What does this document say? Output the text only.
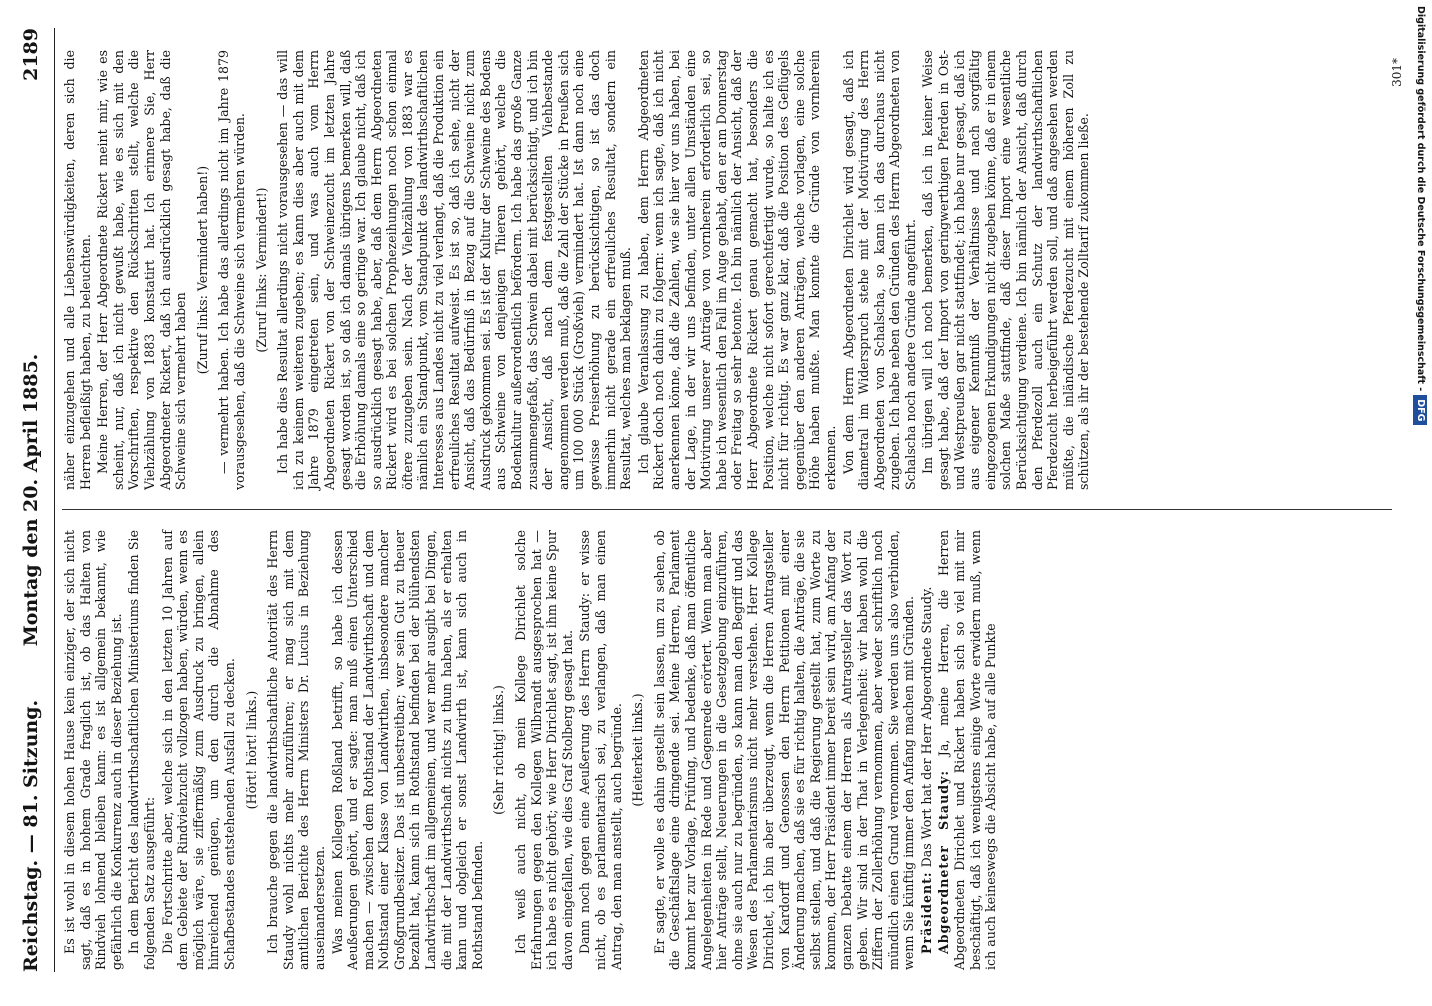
Reichstag. — 81. Sitzung.
Montag den 20. April 1885.
2189

Es ist wohl in diesem hohen Hause kein einziger, der sich nicht sagt, daß es in hohem Grade fraglich ist, ob das Halten von Rindvieh lohnend bleiben kann: es ist allgemein bekannt, wie gefährlich die Konkurrenz auch in dieser Beziehung ist. In dem Bericht des landwirthschaftlichen Ministeriums finden Sie folgenden Satz ausgeführt: Die Fortschritte aber, welche sich in den letzten 10 Jahren auf dem Gebiete der Rindviehzucht vollzogen haben, würden, wenn es möglich wäre, sie ziffermäßig zum Ausdruck zu bringen, allein hinreichend genügen, um den durch die Abnahme des Schafbestandes entstehenden Ausfall zu decken. (Hört! hört! links.) Ich brauche gegen die landwirthschaftliche Autorität des Herrn Staudy wohl nichts mehr anzuführen; er mag sich mit dem amtlichen Berichte des Herrn Ministers Dr. Lucius in Beziehung auseinandersetzen. Was meinen Kollegen Roßland betrifft, so habe ich dessen Aeußerungen gehört, und er sagte: man muß einen Unterschied machen — zwischen dem Rothstand der Landwirthschaft und dem Nothstand einer Klasse von Landwirthen, insbesondere mancher Großgrundbesitzer. Das ist unbestreitbar; wer sein Gut zu theuer bezahlt hat, kann sich in Rothstand befinden bei der blühendsten Landwirthschaft im allgemeinen, und wer mehr ausgibt bei Dingen, die mit der Landwirthschaft nichts zu thun haben, als er erhalten kann und obgleich er sonst Landwirth ist, kann sich auch in Rothstand befinden.

(Sehr richtig! links.) Ich weiß auch nicht, ob mein Kollege Dirichlet solche Erfahrungen gegen den Kollegen Wilbrandt ausgesprochen hat — ich habe es nicht gehört; wie Herr Dirichlet sagt, ist ihm keine Spur davon eingefallen, wie dies Graf Stolberg gesagt hat. Dann noch gegen eine Aeußerung des Herrn Staudy: er wisse nicht, ob es parlamentarisch sei, zu verlangen, daß man einen Antrag, den man anstellt, auch begründe. (Heiterkeit links.) Er sagte, er wolle es dahin gestellt sein lassen, um zu sehen, ob die Geschäftslage eine dringende sei. Meine Herren, Parlament kommt her zur Vorlage, Prüfung, und bedenke, daß man öffentliche Angelegenheiten in Rede und Gegenrede erörtert. Wenn man aber hier Anträge stellt, Neuerungen in die Gesetzgebung einzuführen, ohne sie auch nur zu begründen, so kann man den Begriff und das Wesen des Parlamentarismus nicht mehr verstehen. Herr Kollege Dirichlet, ich bin aber überzeugt, wenn die Herren Antragsteller von Kardorff und Genossen den Herrn Petitionen mit einer Änderung machen, daß sie es für richtig halten, die Anträge, die sie selbst stellen, und daß die Regierung gestellt hat, zum Worte zu kommen, der Herr Präsident immer bereit sein wird, am Anfang der ganzen Debatte einem der Herren als Antragsteller das Wort zu geben. Wir sind in der That in Verlegenheit: wir haben wohl die Ziffern der Zollerhöhung vernommen, aber weder schriftlich noch mündlich einen Grund vernommen. Sie werden uns also verbinden, wenn Sie künftig immer den Anfang machen mit Gründen. Präsident: Das Wort hat der Herr Abgeordnete Staudy. Abgeordneter Staudy: Ja, meine Herren, die Herren Abgeordneten Dirichlet und Rickert haben sich so viel mit mir beschäftigt, daß ich wenigstens einige Worte erwidern muß, wenn ich auch keineswegs die Absicht habe, auf alle Punkte

näher einzugehen und alle Liebenswürdigkeiten, deren sich die Herren befleißigt haben, zu beleuchten. Meine Herren, der Herr Abgeordnete Rickert meint mir, wie es scheint, nur, daß ich nicht gewußt habe, wie es sich mit den Vorschriften, respektive den Rückschritten stellt, welche die Viehzählung von 1883 konstatirt hat. Ich erinnere Sie, Herr Abgeordneter Rickert, daß ich ausdrücklich gesagt habe, daß die Schweine sich vermehrt haben

(Zuruf links: Vermindert haben!) — vermehrt haben. Ich habe das allerdings nicht im Jahre 1879 vorausgesehen, daß die Schweine sich vermehren würden. (Zuruf links: Vermindert!) Ich habe dies Resultat allerdings nicht vorausgesehen — das will ich zu keinem weiteren zugeben; es kann dies aber auch mit dem Jahre 1879 eingetreten sein, und was auch vom Herrn Abgeordneten Rickert von der Schweinezucht im letzten Jahre gesagt worden ist, so daß ich damals übrigens bemerken will, daß die Erhöhung damals eine so geringe war. Ich glaube nicht, daß ich so ausdrücklich gesagt habe, aber, daß dem Herrn Abgeordneten Rickert wird es bei solchen Prophezeihungen noch schon einmal öftere zuzugeben sein. Nach der Viehzählung von 1883 war es nämlich ein Standpunkt, vom Standpunkt des landwirthschaftlichen Interesses aus Landes nicht zu viel verlangt, daß die Produktion ein erfreuliches Resultat aufweist. Es ist so, daß ich sehe, nicht der Ansicht, daß das Bedürfniß in Bezug auf die Schweine nicht zum Ausdruck gekommen sei. Es ist der Kultur der Schweine des Bodens aus Schweine von denjenigen Thieren gehört, welche die Bodenkultur außerordentlich befördern. Ich habe das große Ganze zusammengefaßt, das Schwein dabei mit berücksichtigt, und ich bin der Ansicht, daß nach dem festgestellten Viehbestande angenommen werden muß, daß die Zahl der Stücke in Preußen sich um 100 000 Stück (Großvieh) vermindert hat. Ist dann noch eine gewisse Preiserhöhung zu berücksichtigen, so ist das doch immerhin nicht gerade ein erfreuliches Resultat, sondern ein Resultat, welches man beklagen muß. Ich glaube Veranlassung zu haben, dem Herrn Abgeordneten Rickert doch noch dahin zu folgern: wenn ich sagte, daß ich nicht anerkennen könne, daß die Zahlen, wie sie hier vor uns haben, bei der Lage, in der wir uns befinden, unter allen Umständen eine Motivirung unserer Anträge von vornherein erforderlich sei, so habe ich wesentlich den Fall im Auge gehabt, den er am Donnerstag oder Freitag so sehr betonte. Ich bin nämlich der Ansicht, daß der Herr Abgeordnete Rickert genau gemacht hat, besonders die Position, welche nicht sofort gerechtfertigt wurde, so halte ich es nicht für richtig. Es war ganz klar, daß die Position des Geflügels gegenüber den anderen Anträgen, welche vorlagen, eine solche Höhe haben mußte. Man konnte die Gründe von vornherein erkennen. Von dem Herrn Abgeordneten Dirichlet wird gesagt, daß ich diametral im Widerspruch stehe mit der Motivirung des Herrn Abgeordneten von Schalscha, so kann ich das durchaus nicht zugeben. Ich habe neben den Gründen des Herrn Abgeordneten von Schalscha noch andere Gründe angeführt. Im übrigen will ich noch bemerken, daß ich in keiner Weise gesagt habe, daß der Import von geringwerthigen Pferden in Ost- und Westpreußen gar nicht stattfindet; ich habe nur gesagt, daß ich aus eigener Kenntniß der Verhältnisse und nach sorgfältig eingezogenen Erkundigungen nicht zugeben könne, daß er in einem solchen Maße stattfinde, daß dieser Import eine wesentliche Berücksichtigung verdiene. Ich bin nämlich der Ansicht, daß durch den Pferdezoll auch ein Schutz der landwirthschaftlichen Pferdezucht herbeigeführt werden soll, und daß angesehen werden müßte, die inländische Pferdezucht mit einem höheren Zoll zu schützen, als ihr der bestehende Zolltarif zukommen ließe.

301*	Digitalisierung gefördert durch die Deutsche Forschungsgemeinschaft -DFG
